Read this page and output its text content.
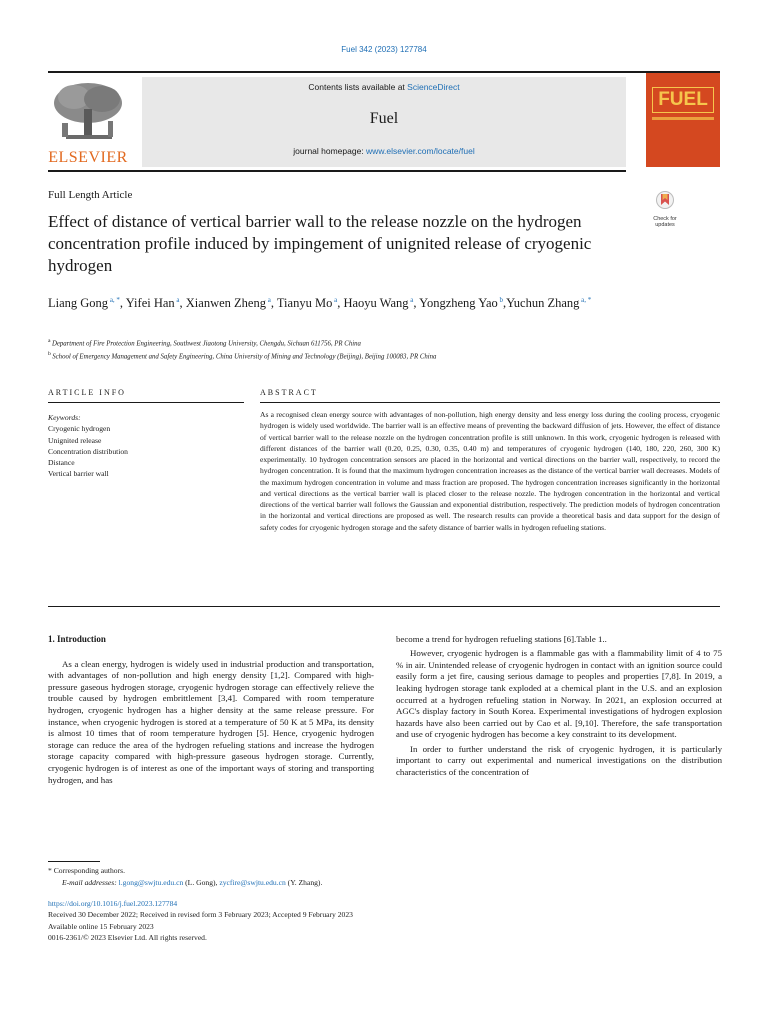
Fuel 342 (2023) 127784
ELSEVIER
Contents lists available at ScienceDirect
Fuel
journal homepage: www.elsevier.com/locate/fuel
FUEL
Full Length Article
Check for updates
Effect of distance of vertical barrier wall to the release nozzle on the hydrogen concentration profile induced by impingement of unignited release of cryogenic hydrogen
Liang Gong $^{a, *}$, Yifei Han $^a$, Xianwen Zheng $^a$, Tianyu Mo $^a$, Haoyu Wang $^a$, Yongzheng Yao $^b$,Yuchun Zhang $^{a, *}$
$^a$ Department of Fire Protection Engineering, Southwest Jiaotong University, Chengdu, Sichuan 611756, PR China
$^b$ School of Emergency Management and Safety Engineering, China University of Mining and Technology (Beijing), Beijing 100083, PR China
ARTICLE INFO
Keywords:
Cryogenic hydrogen
Unignited release
Concentration distribution
Distance
Vertical barrier wall
ABSTRACT
As a recognised clean energy source with advantages of non-pollution, high energy density and less energy loss during the cooling process, cryogenic hydrogen is widely used worldwide. The barrier wall is an effective means of preventing the backward diffusion of jets. However, the effect of distance of vertical barrier wall to the release nozzle on the hydrogen concentration profile is still unknown. In this work, cryogenic hydrogen is released with different distances of the barrier wall (0.20, 0.25, 0.30, 0.35, 0.40 m) and temperatures of cryogenic hydrogen (140, 180, 220, 260, 300 K) experimentally. 10 hydrogen concentration sensors are placed in the horizontal and vertical directions on the barrier wall, respectively, to record the hydrogen concentration. It is found that the maximum hydrogen concentration increases as the distance of the vertical barrier wall decreases. Models of the maximum hydrogen concentration in volume and mass fraction are proposed. The hydrogen concentration increases significantly in the horizontal and vertical directions as the vertical barrier wall is placed closer to the release nozzle. The hydrogen concentration in the horizontal and vertical directions of the vertical barrier wall follows the Gaussian and exponential distribution, respectively. The prediction models of hydrogen concentration in the horizontal and vertical directions are proposed as well. The research results can provide a theoretical basis and data support for the design of safety codes for cryogenic hydrogen storage and the safety distance of barrier walls in hydrogen refueling stations.
1. Introduction

As a clean energy, hydrogen is widely used in industrial production and transportation, with advantages of non-pollution and high energy density [1,2]. Compared with high-pressure gaseous hydrogen storage, cryogenic hydrogen storage can effectively relieve the trouble caused by hydrogen embrittlement [3,4]. Compared with room temperature hydrogen, cryogenic hydrogen has a higher density at the same release pressure. For instance, when cryogenic hydrogen is stored at a temperature of 50 K at 5 MPa, its density is almost 10 times that of room temperature hydrogen [5]. Hence, cryogenic hydrogen storage can reduce the area of the hydrogen refueling stations and increase the hydrogen storage capacity compared with high-pressure gaseous hydrogen storage. Currently, cryogenic hydrogen is of interest as one of the important ways of storing and transporting hydrogen, and has

become a trend for hydrogen refueling stations [6].Table 1..

However, cryogenic hydrogen is a flammable gas with a flammability limit of 4 to 75 % in air. Unintended release of cryogenic hydrogen in contact with an ignition source could easily form a jet fire, causing serious damage to peoples and properties [7,8]. In 2019, a leaking hydrogen storage tank exploded at a chemical plant in the U.S. and an explosion occurred at a hydrogen refueling station in Norway. In 2021, an explosion occurred at AGC's display factory in South Korea. Experimental investigations of hydrogen explosion hazards have also been carried out by Cao et al. [9,10]. Therefore, the safe transportation and use of cryogenic hydrogen has become a key constraint to its development.

In order to further understand the risk of cryogenic hydrogen, it is particularly important to carry out experimental and numerical investigations on the distribution characteristics of the concentration of

* Corresponding authors.
E-mail addresses: l.gong@swjtu.edu.cn (L. Gong), zycfire@swjtu.edu.cn (Y. Zhang).
https://doi.org/10.1016/j.fuel.2023.127784
Received 30 December 2022; Received in revised form 3 February 2023; Accepted 9 February 2023
Available online 15 February 2023
0016-2361/© 2023 Elsevier Ltd. All rights reserved.
